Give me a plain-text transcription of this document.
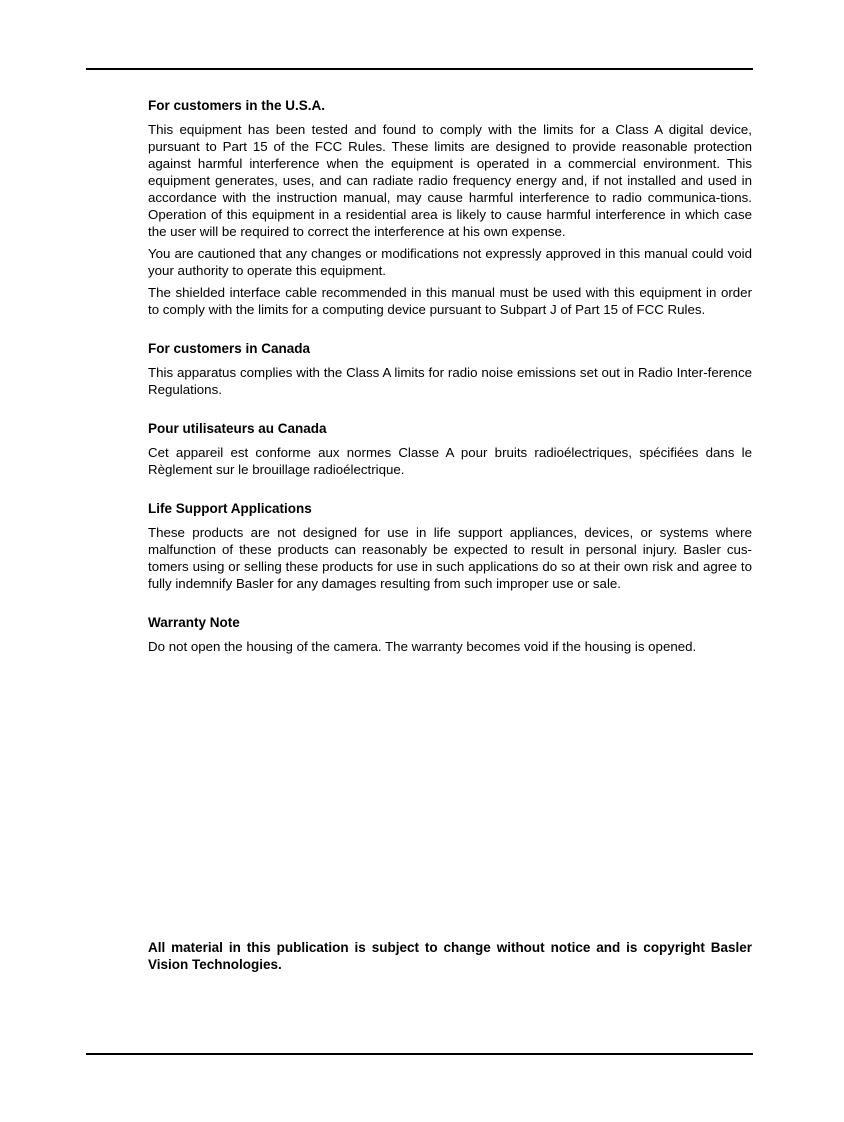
For customers in the U.S.A.

This equipment has been tested and found to comply with the limits for a Class A digital device, pursuant to Part 15 of the FCC Rules. These limits are designed to provide reasonable protection against harmful interference when the equipment is operated in a commercial environment. This equipment generates, uses, and can radiate radio frequency energy and, if not installed and used in accordance with the instruction manual, may cause harmful interference to radio communica-tions. Operation of this equipment in a residential area is likely to cause harmful interference in which case the user will be required to correct the interference at his own expense.

You are cautioned that any changes or modifications not expressly approved in this manual could void your authority to operate this equipment.

The shielded interface cable recommended in this manual must be used with this equipment in order to comply with the limits for a computing device pursuant to Subpart J of Part 15 of FCC Rules.

For customers in Canada

This apparatus complies with the Class A limits for radio noise emissions set out in Radio Inter-ference Regulations.

Pour utilisateurs au Canada

Cet appareil est conforme aux normes Classe A pour bruits radioélectriques, spécifiées dans le Règlement sur le brouillage radioélectrique.

Life Support Applications

These products are not designed for use in life support appliances, devices, or systems where malfunction of these products can reasonably be expected to result in personal injury. Basler cus-tomers using or selling these products for use in such applications do so at their own risk and agree to fully indemnify Basler for any damages resulting from such improper use or sale.

Warranty Note

Do not open the housing of the camera. The warranty becomes void if the housing is opened.

All material in this publication is subject to change without notice and is copyright Basler Vision Technologies.
